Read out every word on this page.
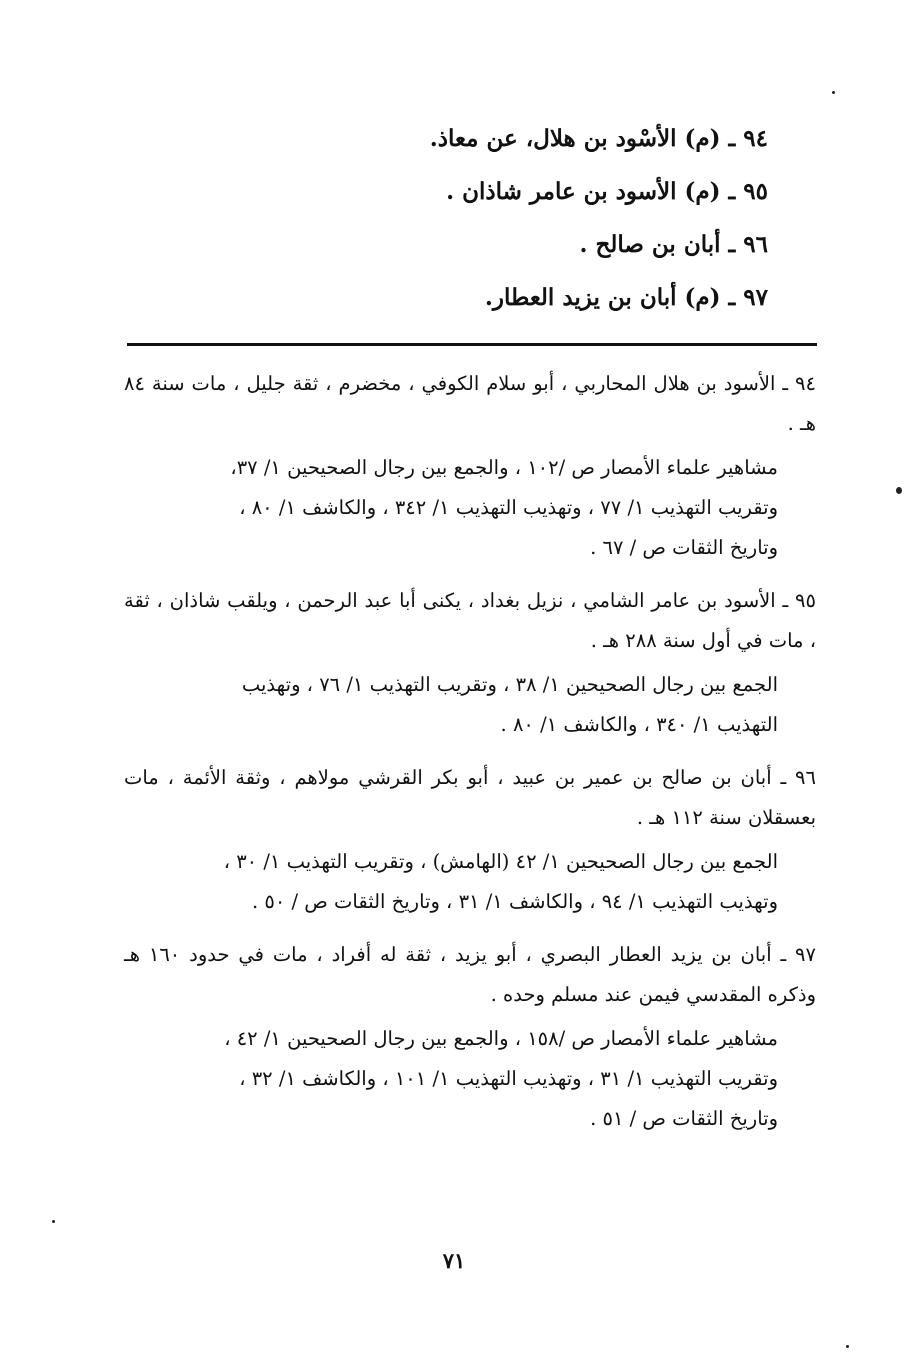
٩٤ ـ (م) الأسْود بن هلال، عن معاذ.
٩٥ ـ (م) الأسود بن عامر شاذان .
٩٦ ـ أبان بن صالح .
٩٧ ـ (م) أبان بن يزيد العطار.
٩٤ ـ الأسود بن هلال المحاربي ، أبو سلام الكوفي ، مخضرم ، ثقة جليل ، مات سنة ٨٤ هـ .
مشاهير علماء الأمصار ص /١٠٢ ، والجمع بين رجال الصحيحين ١/ ٣٧،
وتقريب التهذيب ١/ ٧٧ ، وتهذيب التهذيب ١/ ٣٤٢ ، والكاشف ١/ ٨٠ ،
وتاريخ الثقات ص / ٦٧ .
٩٥ ـ الأسود بن عامر الشامي ، نزيل بغداد ، يكنى أبا عبد الرحمن ، ويلقب شاذان ، ثقة ، مات في أول سنة ٢٨٨ هـ .
الجمع بين رجال الصحيحين ١/ ٣٨ ، وتقريب التهذيب ١/ ٧٦ ، وتهذيب
التهذيب ١/ ٣٤٠ ، والكاشف ١/ ٨٠ .
٩٦ ـ أبان بن صالح بن عمير بن عبيد ، أبو بكر القرشي مولاهم ، وثقة الأئمة ، مات بعسقلان سنة ١١٢ هـ .
الجمع بين رجال الصحيحين ١/ ٤٢ (الهامش) ، وتقريب التهذيب ١/ ٣٠ ،
وتهذيب التهذيب ١/ ٩٤ ، والكاشف ١/ ٣١ ، وتاريخ الثقات ص / ٥٠ .
٩٧ ـ أبان بن يزيد العطار البصري ، أبو يزيد ، ثقة له أفراد ، مات في حدود ١٦٠ هـ وذكره المقدسي فيمن عند مسلم وحده .
مشاهير علماء الأمصار ص /١٥٨ ، والجمع بين رجال الصحيحين ١/ ٤٢ ،
وتقريب التهذيب ١/ ٣١ ، وتهذيب التهذيب ١/ ١٠١ ، والكاشف ١/ ٣٢ ،
وتاريخ الثقات ص / ٥١ .
٧١
